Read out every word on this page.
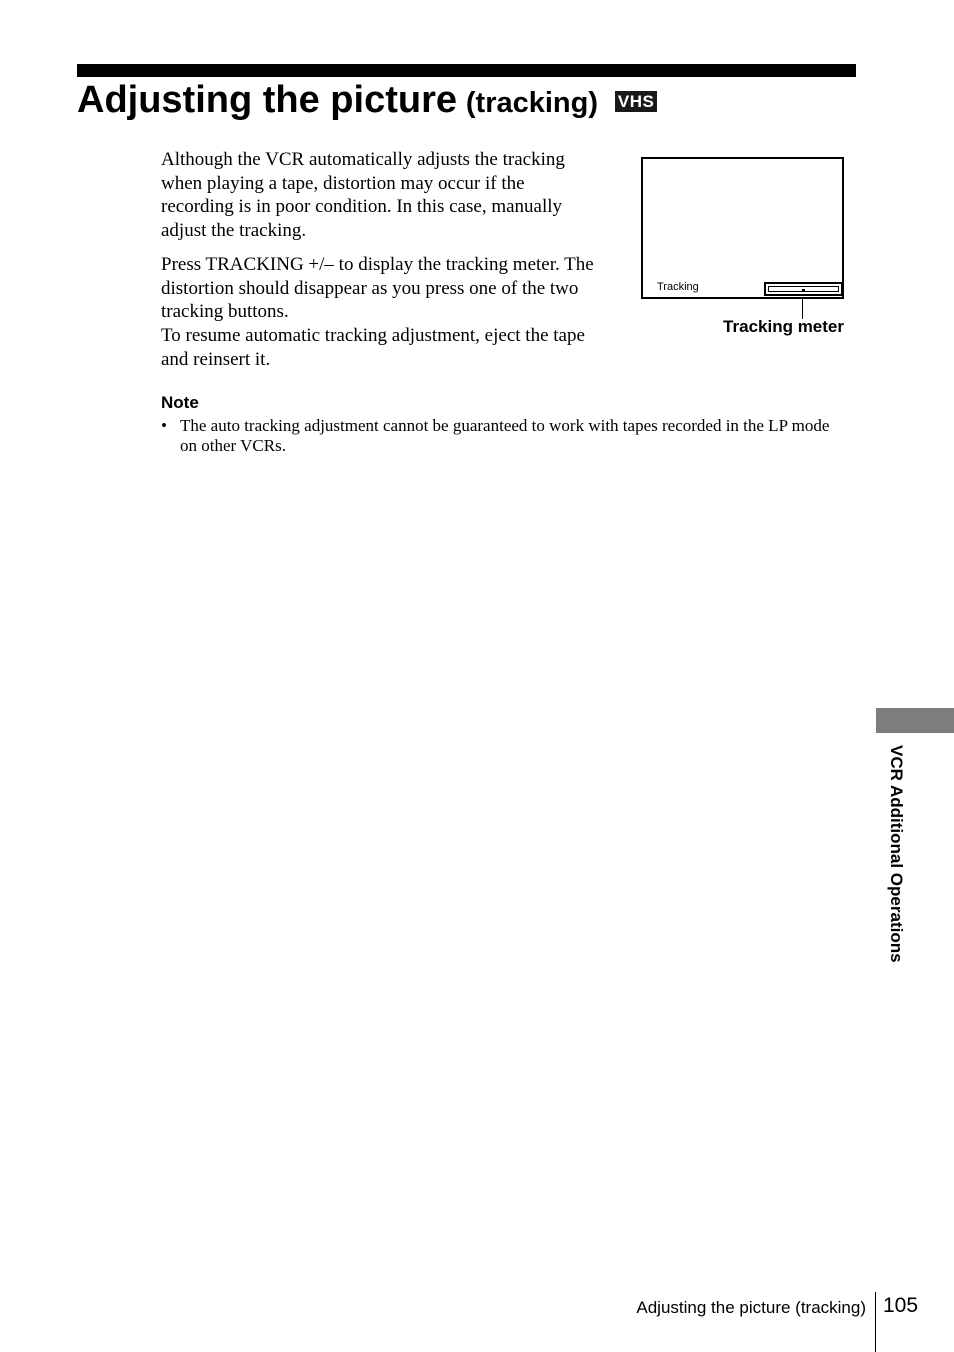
Adjusting the picture (tracking) VHS

Although the VCR automatically adjusts the tracking when playing a tape, distortion may occur if the recording is in poor condition. In this case, manually adjust the tracking.

Press TRACKING +/– to display the tracking meter. The distortion should disappear as you press one of the two tracking buttons.
To resume automatic tracking adjustment, eject the tape and reinsert it.

Tracking
Tracking meter
Note
• The auto tracking adjustment cannot be guaranteed to work with tapes recorded in the LP mode on other VCRs.
VCR Additional Operations
Adjusting the picture (tracking) 105
